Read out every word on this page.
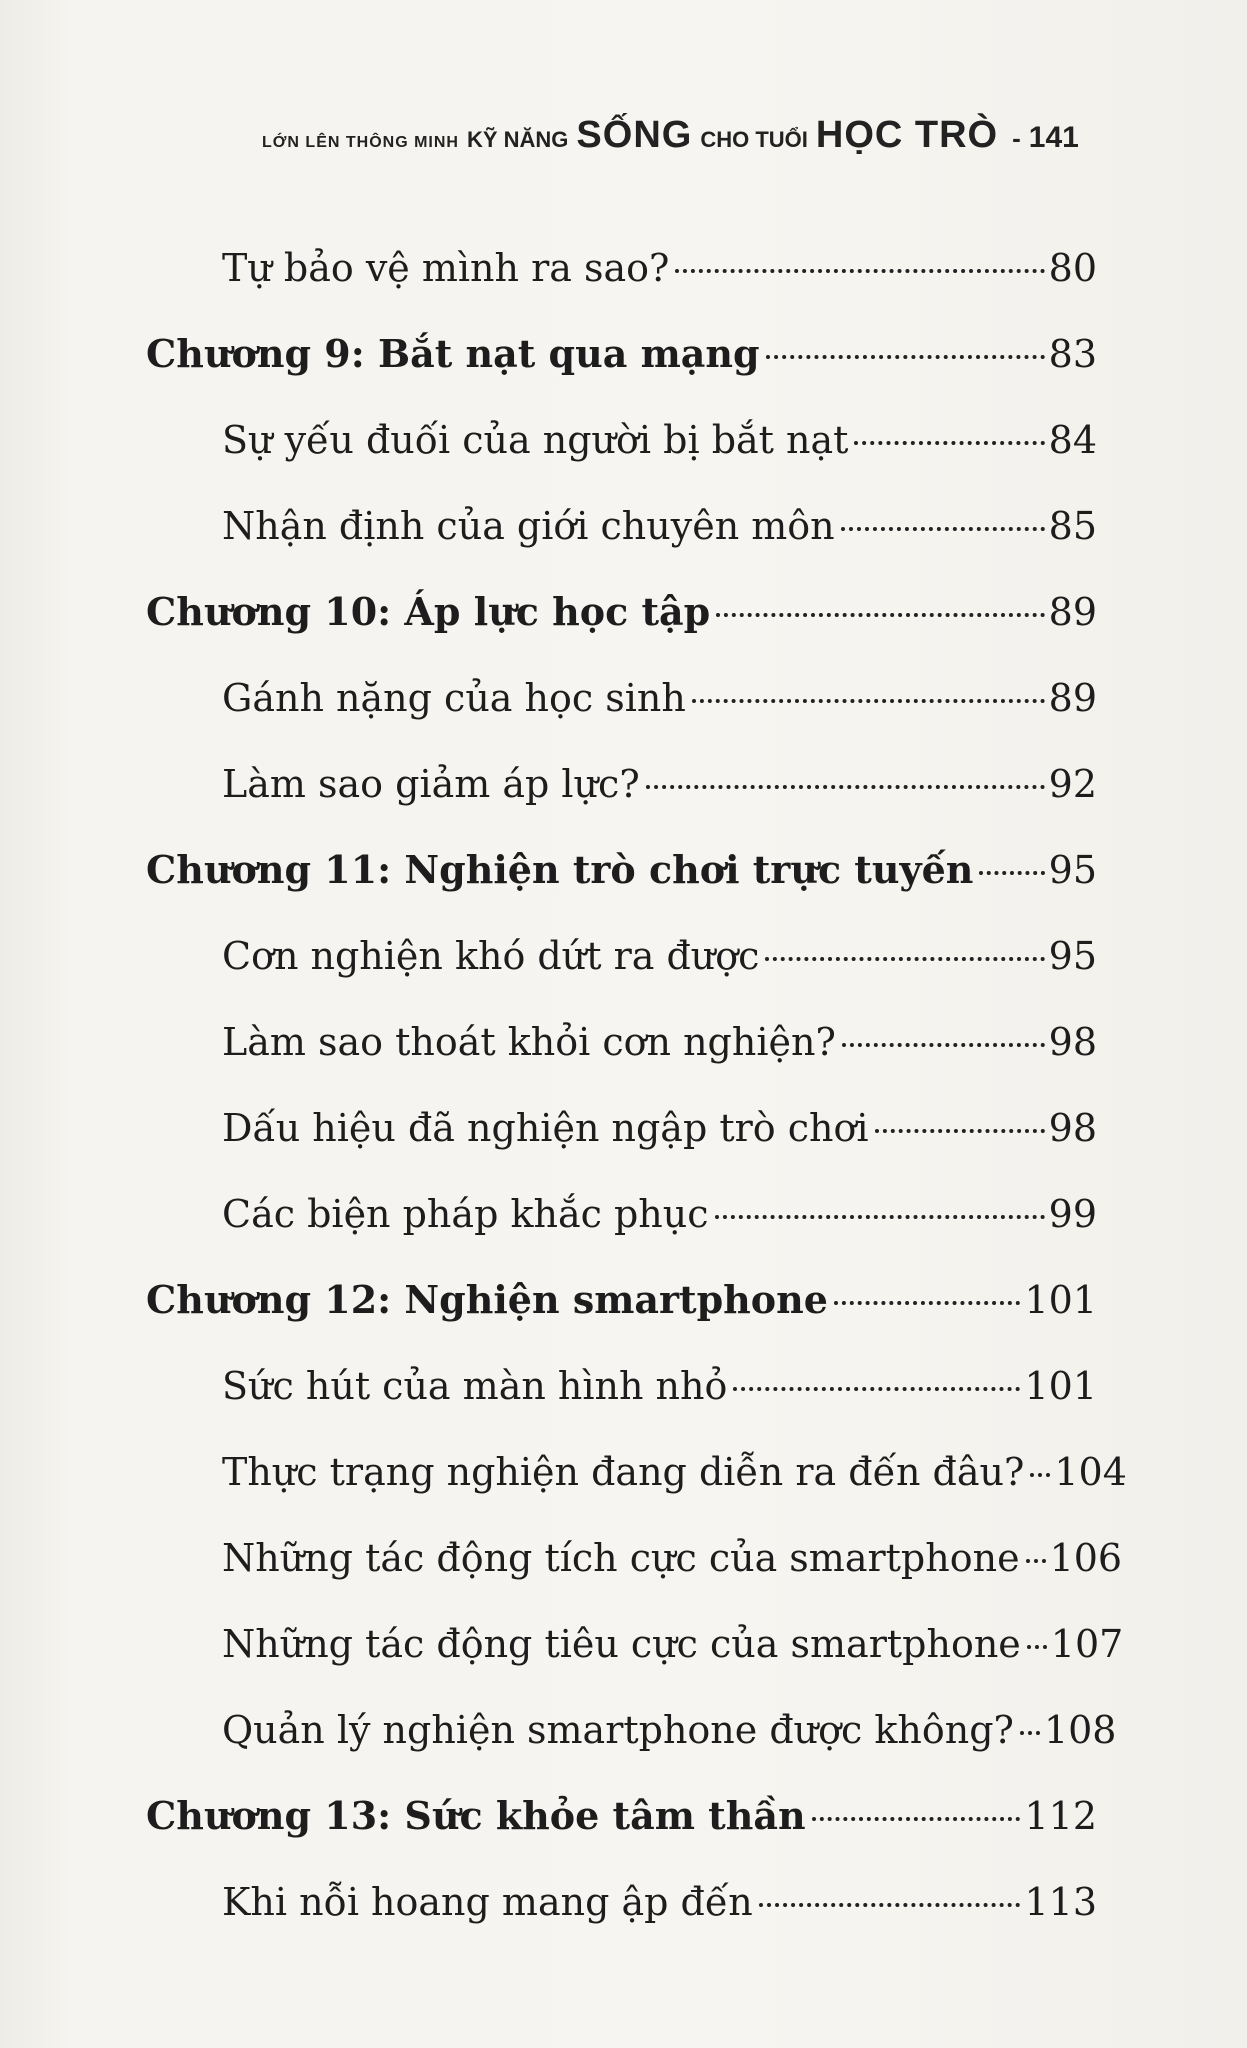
LỚN LÊN THÔNG MINH KỸ NĂNG SỐNG CHO TUỔI HỌC TRÒ - 141
Tự bảo vệ mình ra sao?	80
Chương 9: Bắt nạt qua mạng	83
Sự yếu đuối của người bị bắt nạt	84
Nhận định của giới chuyên môn	85
Chương 10: Áp lực học tập	89
Gánh nặng của học sinh	89
Làm sao giảm áp lực?	92
Chương 11: Nghiện trò chơi trực tuyến 95
Cơn nghiện khó dứt ra được	95
Làm sao thoát khỏi cơn nghiện?	98
Dấu hiệu đã nghiện ngập trò chơi	98
Các biện pháp khắc phục	99
Chương 12: Nghiện smartphone	101
Sức hút của màn hình nhỏ	101
Thực trạng nghiện đang diễn ra đến đâu? 104
Những tác động tích cực của smartphone 106
Những tác động tiêu cực của smartphone 107
Quản lý nghiện smartphone được không? 108
Chương 13: Sức khỏe tâm thần	112
Khi nỗi hoang mang ập đến	113
